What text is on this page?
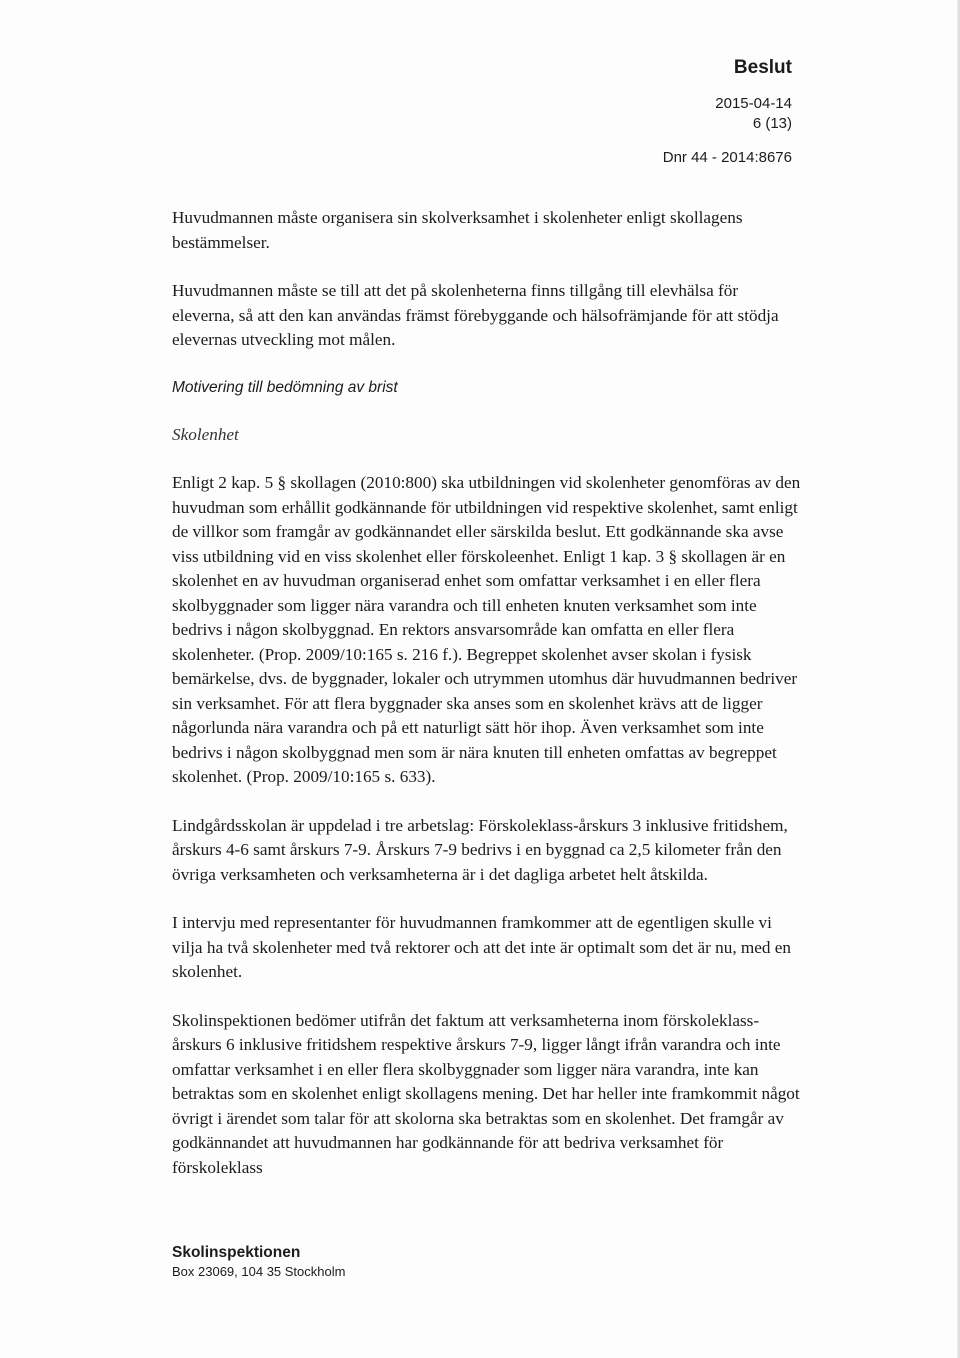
Beslut
2015-04-14
6 (13)
Dnr 44 - 2014:8676

Huvudmannen måste organisera sin skolverksamhet i skolenheter enligt skollagens bestämmelser.

Huvudmannen måste se till att det på skolenheterna finns tillgång till elevhälsa för eleverna, så att den kan användas främst förebyggande och hälsofrämjande för att stödja elevernas utveckling mot målen.

Motivering till bedömning av brist

Skolenhet

Enligt 2 kap. 5 § skollagen (2010:800) ska utbildningen vid skolenheter genomföras av den huvudman som erhållit godkännande för utbildningen vid respektive skolenhet, samt enligt de villkor som framgår av godkännandet eller särskilda beslut. Ett godkännande ska avse viss utbildning vid en viss skolenhet eller förskoleenhet. Enligt 1 kap. 3 § skollagen är en skolenhet en av huvudman organiserad enhet som omfattar verksamhet i en eller flera skolbyggnader som ligger nära varandra och till enheten knuten verksamhet som inte bedrivs i någon skolbyggnad. En rektors ansvarsområde kan omfatta en eller flera skolenheter. (Prop. 2009/10:165 s. 216 f.). Begreppet skolenhet avser skolan i fysisk bemärkelse, dvs. de byggnader, lokaler och utrymmen utomhus där huvudmannen bedriver sin verksamhet. För att flera byggnader ska anses som en skolenhet krävs att de ligger någorlunda nära varandra och på ett naturligt sätt hör ihop. Även verksamhet som inte bedrivs i någon skolbyggnad men som är nära knuten till enheten omfattas av begreppet skolenhet. (Prop. 2009/10:165 s. 633).

Lindgårdsskolan är uppdelad i tre arbetslag: Förskoleklass-årskurs 3 inklusive fritidshem, årskurs 4-6 samt årskurs 7-9. Årskurs 7-9 bedrivs i en byggnad ca 2,5 kilometer från den övriga verksamheten och verksamheterna är i det dagliga arbetet helt åtskilda.

I intervju med representanter för huvudmannen framkommer att de egentligen skulle vi vilja ha två skolenheter med två rektorer och att det inte är optimalt som det är nu, med en skolenhet.

Skolinspektionen bedömer utifrån det faktum att verksamheterna inom förskoleklass-årskurs 6 inklusive fritidshem respektive årskurs 7-9, ligger långt ifrån varandra och inte omfattar verksamhet i en eller flera skolbyggnader som ligger nära varandra, inte kan betraktas som en skolenhet enligt skollagens mening. Det har heller inte framkommit något övrigt i ärendet som talar för att skolorna ska betraktas som en skolenhet. Det framgår av godkännandet att huvudmannen har godkännande för att bedriva verksamhet för förskoleklass

Skolinspektionen
Box 23069, 104 35 Stockholm
